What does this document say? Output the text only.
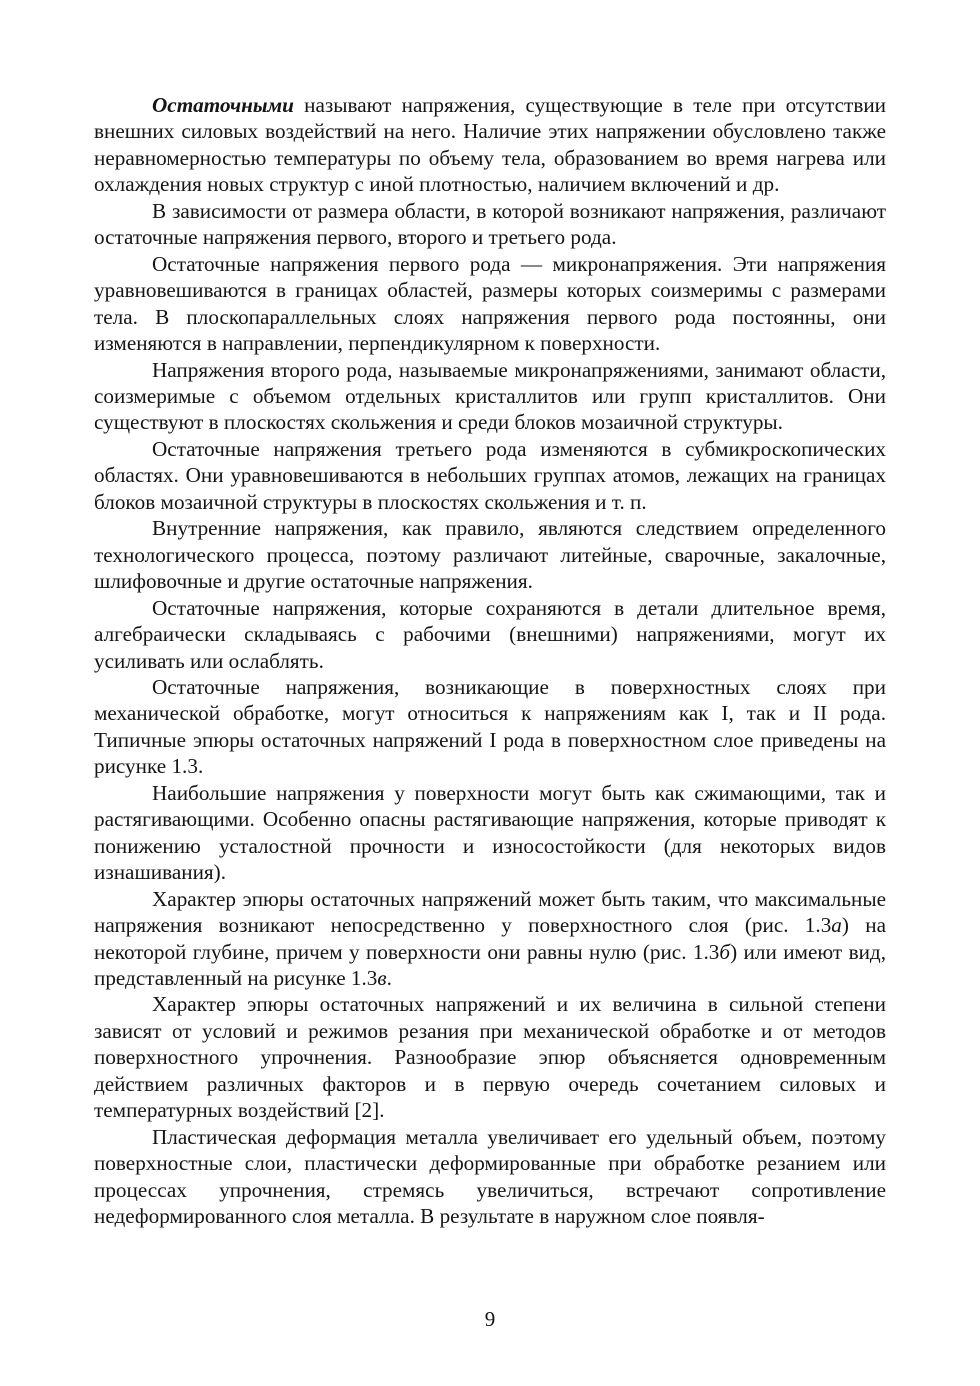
Остаточными называют напряжения, существующие в теле при отсутствии внешних силовых воздействий на него. Наличие этих напряжении обусловлено также неравномерностью температуры по объему тела, образованием во время нагрева или охлаждения новых структур с иной плотностью, наличием включений и др.

В зависимости от размера области, в которой возникают напряжения, различают остаточные напряжения первого, второго и третьего рода.

Остаточные напряжения первого рода — микронапряжения. Эти напряжения уравновешиваются в границах областей, размеры которых соизмеримы с размерами тела. В плоскопараллельных слоях напряжения первого рода постоянны, они изменяются в направлении, перпендикулярном к поверхности.

Напряжения второго рода, называемые микронапряжениями, занимают области, соизмеримые с объемом отдельных кристаллитов или групп кристаллитов. Они существуют в плоскостях скольжения и среди блоков мозаичной структуры.

Остаточные напряжения третьего рода изменяются в субмикроскопических областях. Они уравновешиваются в небольших группах атомов, лежащих на границах блоков мозаичной структуры в плоскостях скольжения и т. п.

Внутренние напряжения, как правило, являются следствием определенного технологического процесса, поэтому различают литейные, сварочные, закалочные, шлифовочные и другие остаточные напряжения.

Остаточные напряжения, которые сохраняются в детали длительное время, алгебраически складываясь с рабочими (внешними) напряжениями, могут их усиливать или ослаблять.

Остаточные напряжения, возникающие в поверхностных слоях при механической обработке, могут относиться к напряжениям как I, так и II рода. Типичные эпюры остаточных напряжений I рода в поверхностном слое приведены на рисунке 1.3.

Наибольшие напряжения у поверхности могут быть как сжимающими, так и растягивающими. Особенно опасны растягивающие напряжения, которые приводят к понижению усталостной прочности и износостойкости (для некоторых видов изнашивания).

Характер эпюры остаточных напряжений может быть таким, что максимальные напряжения возникают непосредственно у поверхностного слоя (рис. 1.3а) на некоторой глубине, причем у поверхности они равны нулю (рис. 1.3б) или имеют вид, представленный на рисунке 1.3в.

Характер эпюры остаточных напряжений и их величина в сильной степени зависят от условий и режимов резания при механической обработке и от методов поверхностного упрочнения. Разнообразие эпюр объясняется одновременным действием различных факторов и в первую очередь сочетанием силовых и температурных воздействий [2].

Пластическая деформация металла увеличивает его удельный объем, поэтому поверхностные слои, пластически деформированные при обработке резанием или процессах упрочнения, стремясь увеличиться, встречают сопротивление недеформированного слоя металла. В результате в наружном слое появля-

9
